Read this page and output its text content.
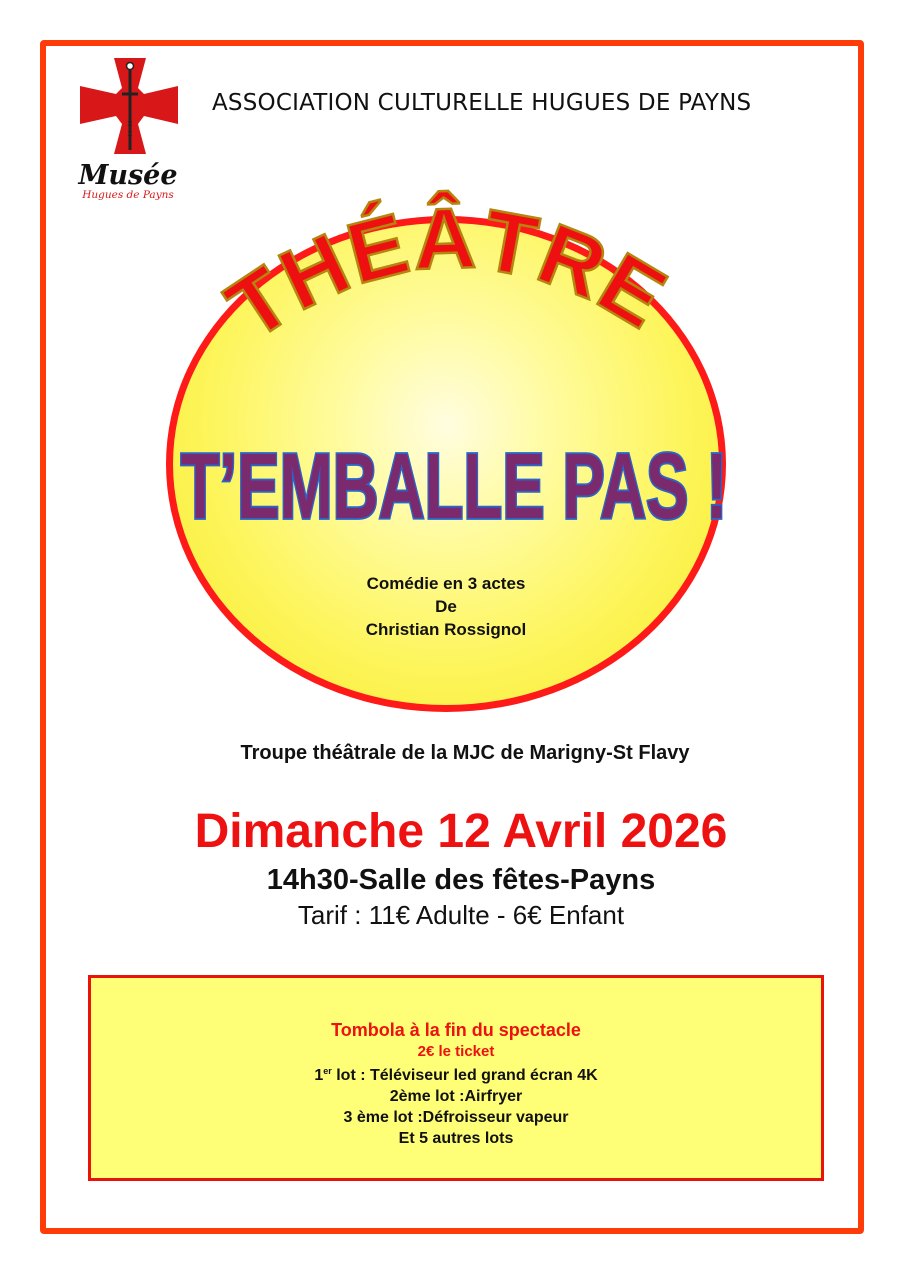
×
×
Musée
Hugues de Payns
ASSOCIATION CULTURELLE HUGUES DE PAYNS
THÉÂTRE
T’EMBALLE PAS !
Comédie en 3 actes
De
Christian Rossignol
Troupe théâtrale de la MJC de Marigny-St Flavy
Dimanche 12 Avril 2026
14h30-Salle des fêtes-Payns
Tarif : 11€ Adulte - 6€ Enfant
Tombola à la fin du spectacle
2€ le ticket
1er lot : Téléviseur led grand écran 4K
2ème lot :Airfryer
3 ème lot :Défroisseur vapeur
Et 5 autres lots
